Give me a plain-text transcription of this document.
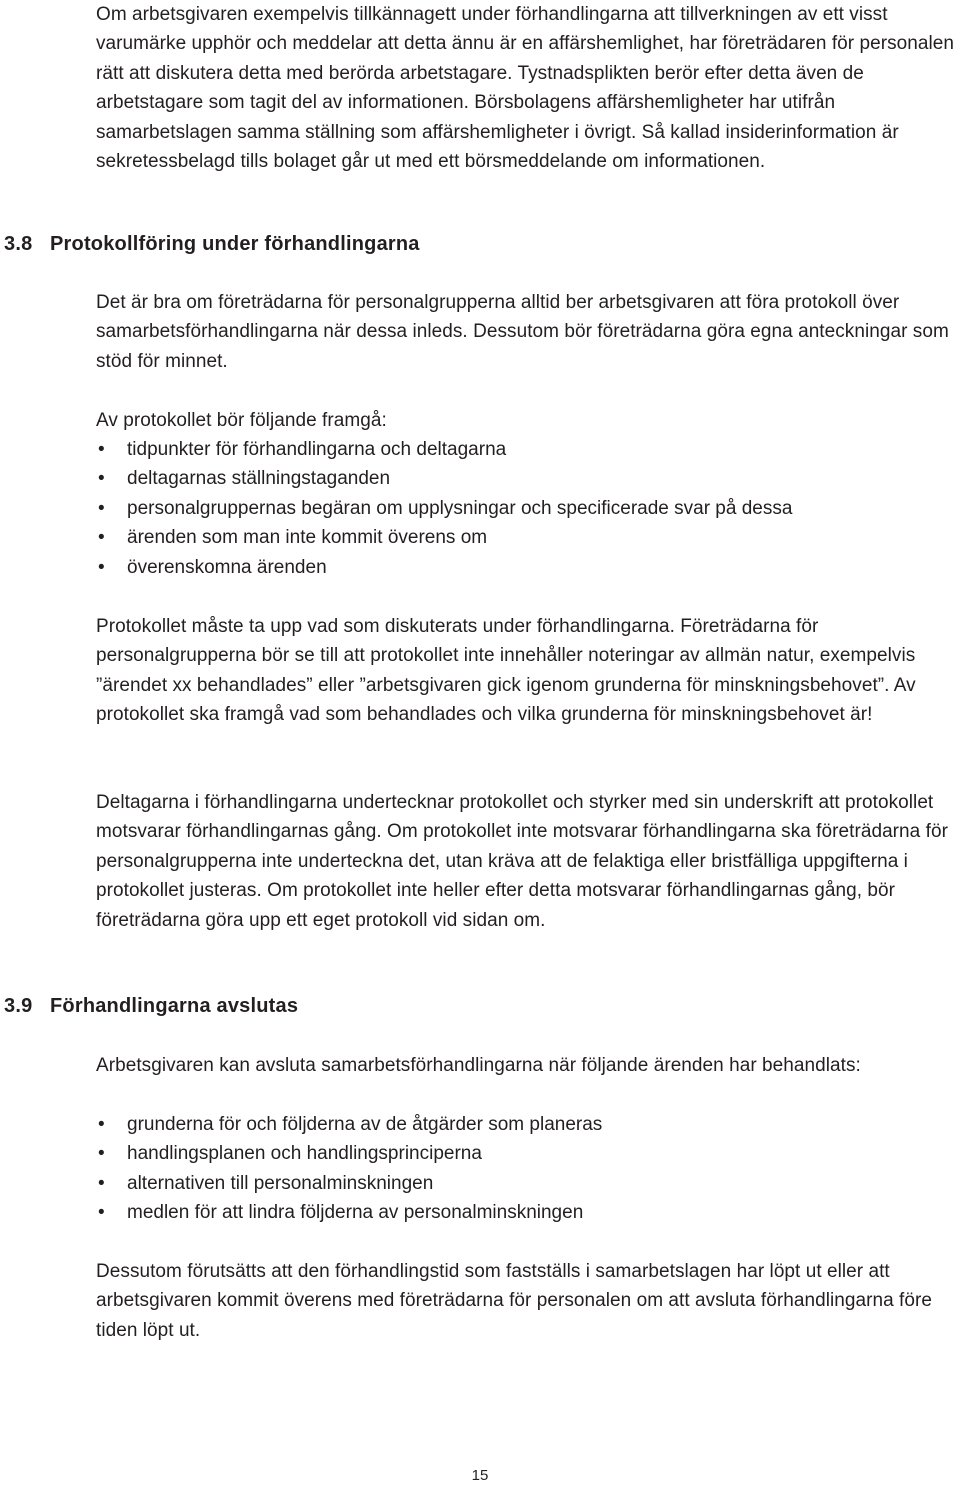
Om arbetsgivaren exempelvis tillkännagett under förhandlingarna att tillverkningen av ett visst varumärke upphör och meddelar att detta ännu är en affärshemlighet, har företrädaren för personalen rätt att diskutera detta med berörda arbetstagare. Tystnadsplikten berör efter detta även de arbetstagare som tagit del av informationen. Börsbolagens affärshemligheter har utifrån samarbetslagen samma ställning som affärshemligheter i övrigt. Så kallad insiderinformation är sekretessbelagd tills bolaget går ut med ett börsmeddelande om informationen.

3.8 Protokollföring under förhandlingarna

Det är bra om företrädarna för personalgrupperna alltid ber arbetsgivaren att föra protokoll över samarbetsförhandlingarna när dessa inleds. Dessutom bör företrädarna göra egna anteckningar som stöd för minnet.

Av protokollet bör följande framgå:

• tidpunkter för förhandlingarna och deltagarna
• deltagarnas ställningstaganden
• personalgruppernas begäran om upplysningar och specificerade svar på dessa
• ärenden som man inte kommit överens om
• överenskomna ärenden

Protokollet måste ta upp vad som diskuterats under förhandlingarna. Företrädarna för personalgrupperna bör se till att protokollet inte innehåller noteringar av allmän natur, exempelvis ”ärendet xx behandlades” eller ”arbetsgivaren gick igenom grunderna för minskningsbehovet”. Av protokollet ska framgå vad som behandlades och vilka grunderna för minskningsbehovet är!

Deltagarna i förhandlingarna undertecknar protokollet och styrker med sin underskrift att protokollet motsvarar förhandlingarnas gång. Om protokollet inte motsvarar förhandlingarna ska företrädarna för personalgrupperna inte underteckna det, utan kräva att de felaktiga eller bristfälliga uppgifterna i protokollet justeras. Om protokollet inte heller efter detta motsvarar förhandlingarnas gång, bör företrädarna göra upp ett eget protokoll vid sidan om.

3.9 Förhandlingarna avslutas

Arbetsgivaren kan avsluta samarbetsförhandlingarna när följande ärenden har behandlats:

• grunderna för och följderna av de åtgärder som planeras
• handlingsplanen och handlingsprinciperna
• alternativen till personalminskningen
• medlen för att lindra följderna av personalminskningen

Dessutom förutsätts att den förhandlingstid som fastställs i samarbetslagen har löpt ut eller att arbetsgivaren kommit överens med företrädarna för personalen om att avsluta förhandlingarna före tiden löpt ut.

15
